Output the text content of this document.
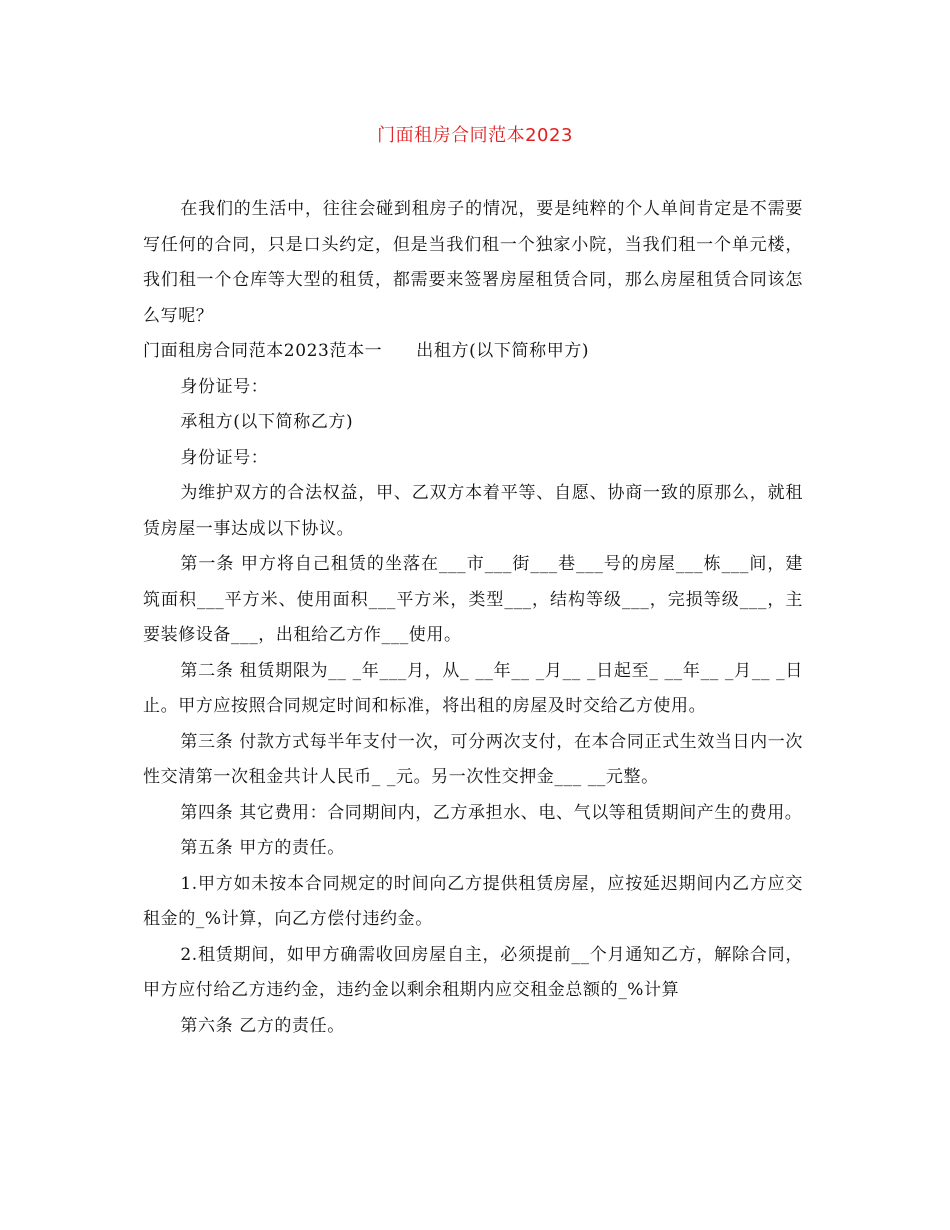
门面租房合同范本2023

在我们的生活中，往往会碰到租房子的情况，要是纯粹的个人单间肯定是不需要写任何的合同，只是口头约定，但是当我们租一个独家小院，当我们租一个单元楼，我们租一个仓库等大型的租赁，都需要来签署房屋租赁合同，那么房屋租赁合同该怎么写呢？

门面租房合同范本2023范本一 出租方(以下简称甲方)

身份证号：

承租方(以下简称乙方)

身份证号：

为维护双方的合法权益，甲、乙双方本着平等、自愿、协商一致的原那么，就租赁房屋一事达成以下协议。

第一条 甲方将自己租赁的坐落在___市___街___巷___号的房屋___栋___间，建筑面积___平方米、使用面积___平方米，类型___，结构等级___，完损等级___，主要装修设备___，出租给乙方作___使用。

第二条 租赁期限为__ _年___月，从_ __年__ _月__ _日起至_ __年__ _月__ _日止。甲方应按照合同规定时间和标准，将出租的房屋及时交给乙方使用。

第三条 付款方式每半年支付一次，可分两次支付，在本合同正式生效当日内一次性交清第一次租金共计人民币_ _元。另一次性交押金___ __元整。

第四条 其它费用：合同期间内，乙方承担水、电、气以等租赁期间产生的费用。

第五条 甲方的责任。

1.甲方如未按本合同规定的时间向乙方提供租赁房屋，应按延迟期间内乙方应交租金的_%计算，向乙方偿付违约金。

2.租赁期间，如甲方确需收回房屋自主，必须提前__个月通知乙方，解除合同，甲方应付给乙方违约金，违约金以剩余租期内应交租金总额的_%计算

第六条 乙方的责任。
